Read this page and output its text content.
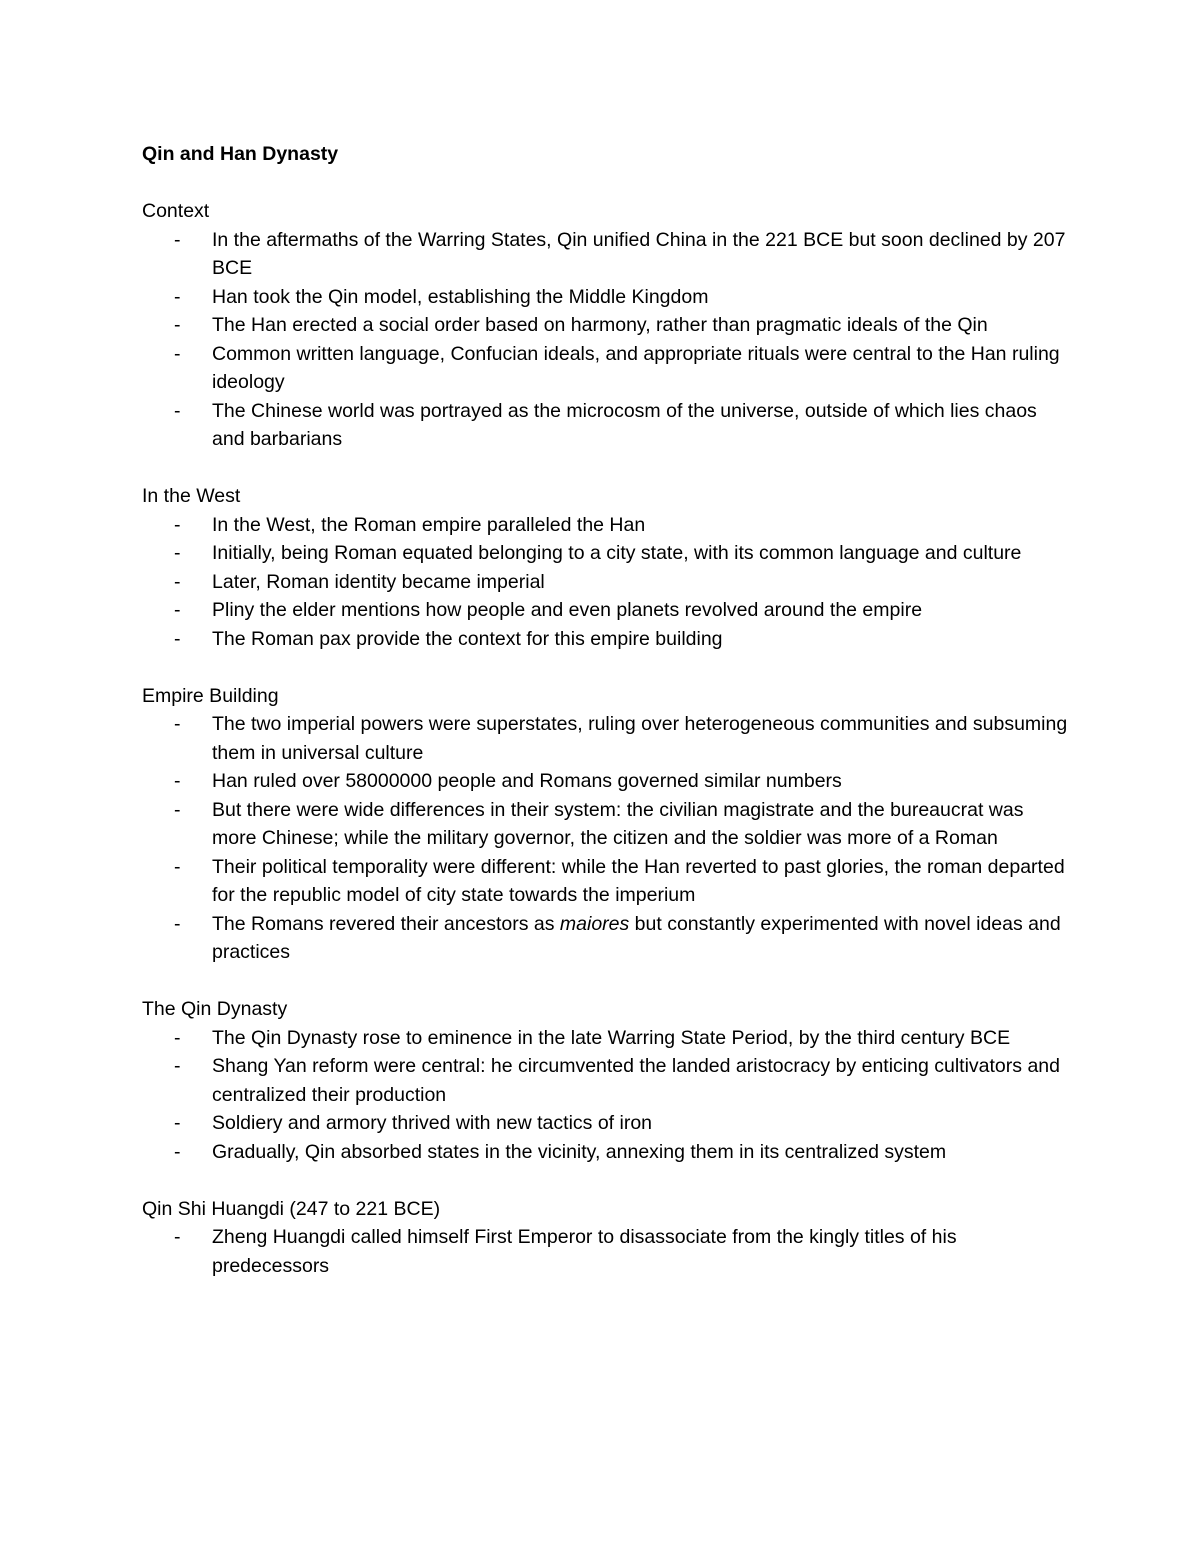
Qin and Han Dynasty
Context
- In the aftermaths of the Warring States, Qin unified China in the 221 BCE but soon declined by 207 BCE
- Han took the Qin model, establishing the Middle Kingdom
- The Han erected a social order based on harmony, rather than pragmatic ideals of the Qin
- Common written language, Confucian ideals, and appropriate rituals were central to the Han ruling ideology
- The Chinese world was portrayed as the microcosm of the universe, outside of which lies chaos and barbarians
In the West
- In the West, the Roman empire paralleled the Han
- Initially, being Roman equated belonging to a city state, with its common language and culture
- Later, Roman identity became imperial
- Pliny the elder mentions how people and even planets revolved around the empire
- The Roman pax provide the context for this empire building
Empire Building
- The two imperial powers were superstates, ruling over heterogeneous communities and subsuming them in universal culture
- Han ruled over 58000000 people and Romans governed similar numbers
- But there were wide differences in their system: the civilian magistrate and the bureaucrat was more Chinese; while the military governor, the citizen and the soldier was more of a Roman
- Their political temporality were different: while the Han reverted to past glories, the roman departed for the republic model of city state towards the imperium
- The Romans revered their ancestors as maiores but constantly experimented with novel ideas and practices
The Qin Dynasty
- The Qin Dynasty rose to eminence in the late Warring State Period, by the third century BCE
- Shang Yan reform were central: he circumvented the landed aristocracy by enticing cultivators and centralized their production
- Soldiery and armory thrived with new tactics of iron
- Gradually, Qin absorbed states in the vicinity, annexing them in its centralized system
Qin Shi Huangdi (247 to 221 BCE)
- Zheng Huangdi called himself First Emperor to disassociate from the kingly titles of his predecessors
